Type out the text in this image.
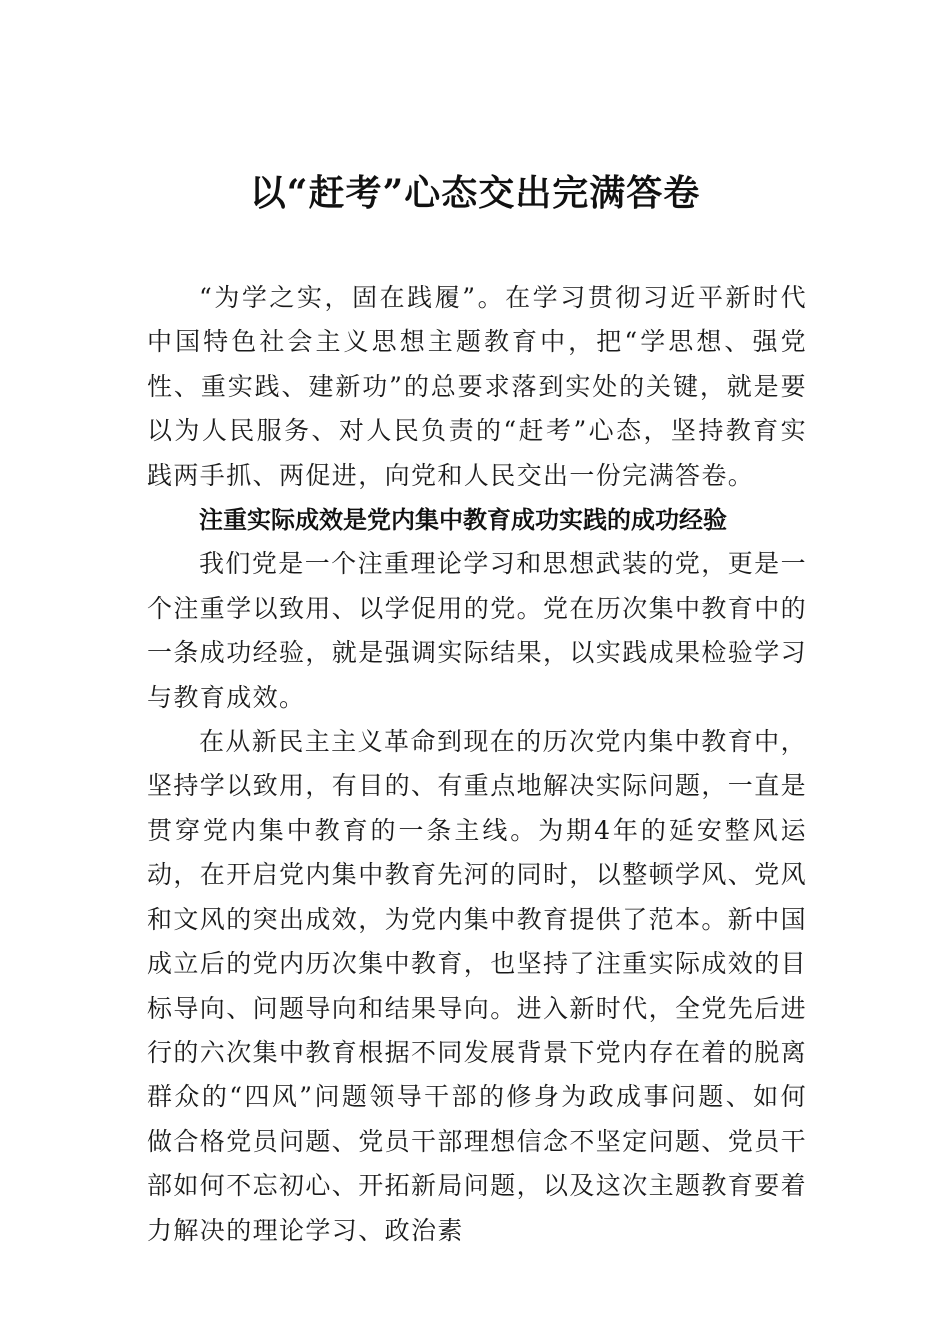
以“赶考”心态交出完满答卷

“为学之实，固在践履”。在学习贯彻习近平新时代中国特色社会主义思想主题教育中，把“学思想、强党性、重实践、建新功”的总要求落到实处的关键，就是要以为人民服务、对人民负责的“赶考”心态，坚持教育实践两手抓、两促进，向党和人民交出一份完满答卷。

注重实际成效是党内集中教育成功实践的成功经验

我们党是一个注重理论学习和思想武装的党，更是一个注重学以致用、以学促用的党。党在历次集中教育中的一条成功经验，就是强调实际结果，以实践成果检验学习与教育成效。

在从新民主主义革命到现在的历次党内集中教育中，坚持学以致用，有目的、有重点地解决实际问题，一直是贯穿党内集中教育的一条主线。为期4年的延安整风运动，在开启党内集中教育先河的同时，以整顿学风、党风和文风的突出成效，为党内集中教育提供了范本。新中国成立后的党内历次集中教育，也坚持了注重实际成效的目标导向、问题导向和结果导向。进入新时代，全党先后进行的六次集中教育根据不同发展背景下党内存在着的脱离群众的“四风”问题领导干部的修身为政成事问题、如何做合格党员问题、党员干部理想信念不坚定问题、党员干部如何不忘初心、开拓新局问题，以及这次主题教育要着力解决的理论学习、政治素
